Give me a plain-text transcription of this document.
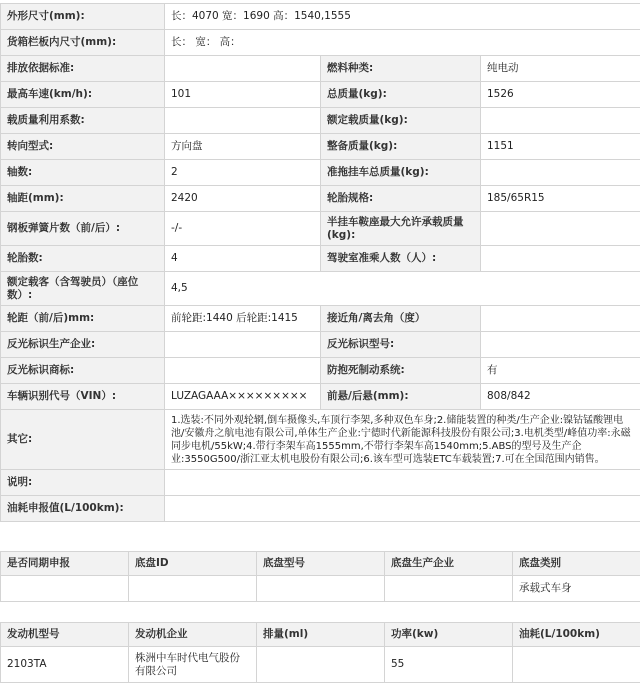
外形尺寸(mm):	长：4070 宽：1690 高：1540,1555		
货箱栏板内尺寸(mm):	长： 宽： 高：		
排放依据标准:		燃料种类:	纯电动
最高车速(km/h):	101	总质量(kg):	1526
载质量利用系数:		额定载质量(kg):	
转向型式:	方向盘	整备质量(kg):	1151
轴数:	2	准拖挂车总质量(kg):	
轴距(mm):	2420	轮胎规格:	185/65R15
钢板弹簧片数（前/后）:	-/-	半挂车鞍座最大允许承载质量(kg):	
轮胎数:	4	驾驶室准乘人数（人）:	
额定载客（含驾驶员）（座位数）:	4,5		
轮距（前/后)mm:	前轮距:1440 后轮距:1415	接近角/离去角（度）	
反光标识生产企业:		反光标识型号:	
反光标识商标:		防抱死制动系统:	有
车辆识别代号（VIN）:	LUZAGAAA×××××××××	前悬/后悬(mm):	808/842
其它:	1.选装:不同外观轮辋,倒车摄像头,车顶行李架,多种双色车身;2.储能装置的种类/生产企业:镍钴锰酸锂电池/安徽舟之航电池有限公司,单体生产企业:宁德时代新能源科技股份有限公司;3.电机类型/峰值功率:永磁同步电机/55kW;4.带行李架车高1555mm,不带行李架车高1540mm;5.ABS的型号及生产企业:3550G500/浙江亚太机电股份有限公司;6.该车型可选装ETC车载装置;7.可在全国范围内销售。		
说明:			
油耗申报值(L/100km):			
是否同期申报	底盘ID	底盘型号	底盘生产企业	底盘类别
				承载式车身
发动机型号	发动机企业	排量(ml)	功率(kw)	油耗(L/100km)
2103TA	株洲中车时代电气股份有限公司		55	
